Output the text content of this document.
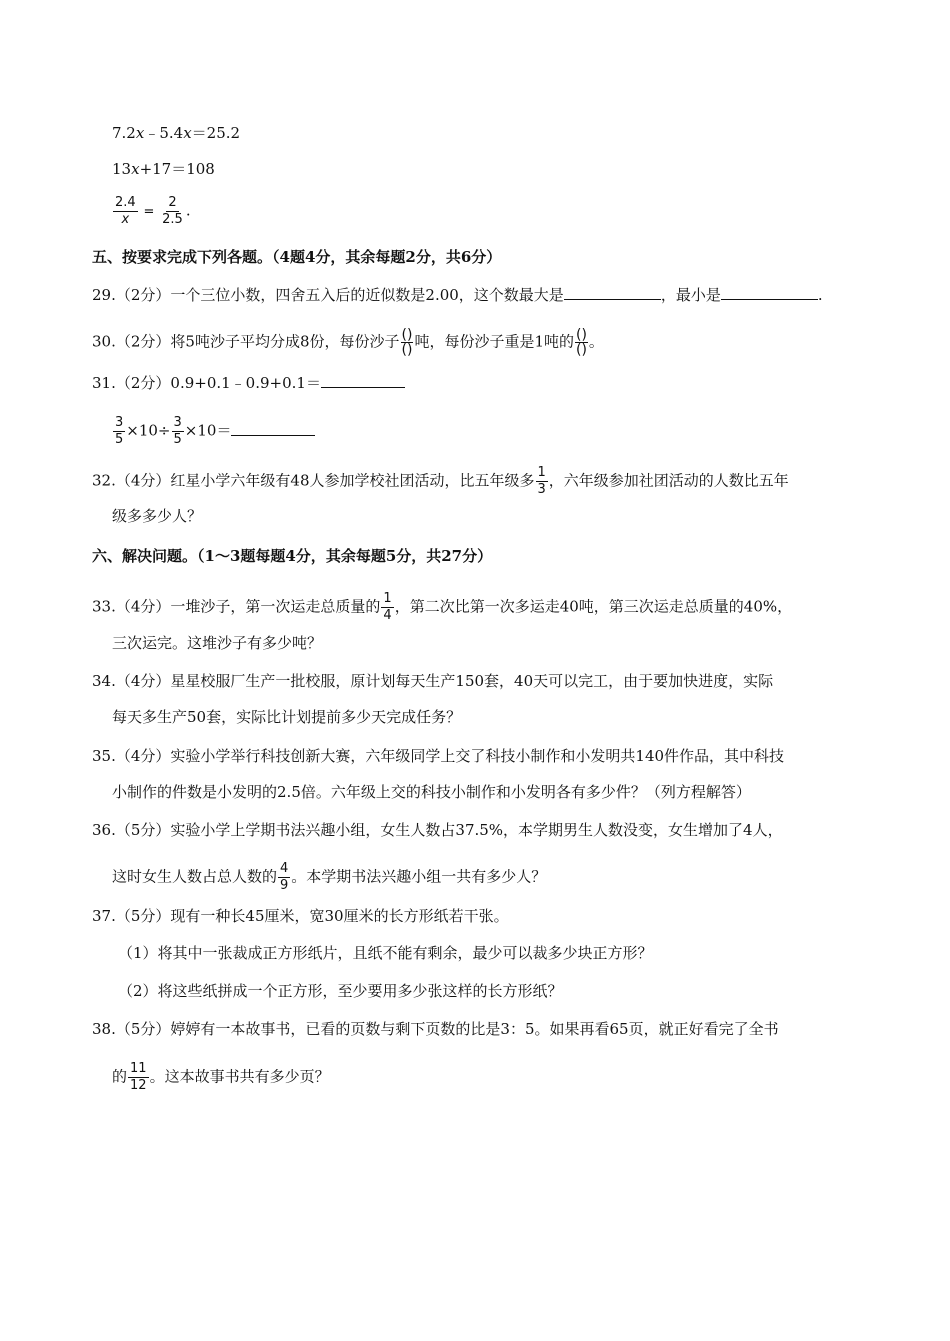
7.2x﹣5.4x＝25.2
13x+17＝108
$\frac{2.4}{x} = \frac{2}{2.5}$ .
五、按要求完成下列各题。（4题4分，其余每题2分，共6分）
29.（2分）一个三位小数，四舍五入后的近似数是2.00，这个数最大是	，最小是	.
30.（2分）将5吨沙子平均分成8份，每份沙子 $\frac{()}{()}$ 吨，每份沙子重是1吨的 $\frac{()}{()}$ 。
31.（2分）0.9+0.1﹣0.9+0.1＝
$\frac{3}{5} \times 10\div \frac{3}{5} \times 10=$
32.（4分）红星小学六年级有48人参加学校社团活动，比五年级多 $\frac{1}{3}$ ，六年级参加社团活动的人数比五年
级多多少人？
六、解决问题。（1～3题每题4分，其余每题5分，共27分）
33.（4分）一堆沙子，第一次运走总质量的 $\frac{1}{4}$ ，第二次比第一次多运走40吨，第三次运走总质量的40%，
三次运完。这堆沙子有多少吨？
34.（4分）星星校服厂生产一批校服，原计划每天生产150套，40天可以完工，由于要加快进度，实际
每天多生产50套，实际比计划提前多少天完成任务？
35.（4分）实验小学举行科技创新大赛，六年级同学上交了科技小制作和小发明共140件作品，其中科技
小制作的件数是小发明的2.5倍。六年级上交的科技小制作和小发明各有多少件？（列方程解答）
36.（5分）实验小学上学期书法兴趣小组，女生人数占37.5%，本学期男生人数没变，女生增加了4人，
这时女生人数占总人数的 $\frac{4}{9}$ 。本学期书法兴趣小组一共有多少人？
37.（5分）现有一种长45厘米，宽30厘米的长方形纸若干张。
（1）将其中一张裁成正方形纸片，且纸不能有剩余，最少可以裁多少块正方形？
（2）将这些纸拼成一个正方形，至少要用多少张这样的长方形纸？
38.（5分）婷婷有一本故事书，已看的页数与剩下页数的比是3：5。如果再看65页，就正好看完了全书
的 $\frac{11}{12}$ 。这本故事书共有多少页？
